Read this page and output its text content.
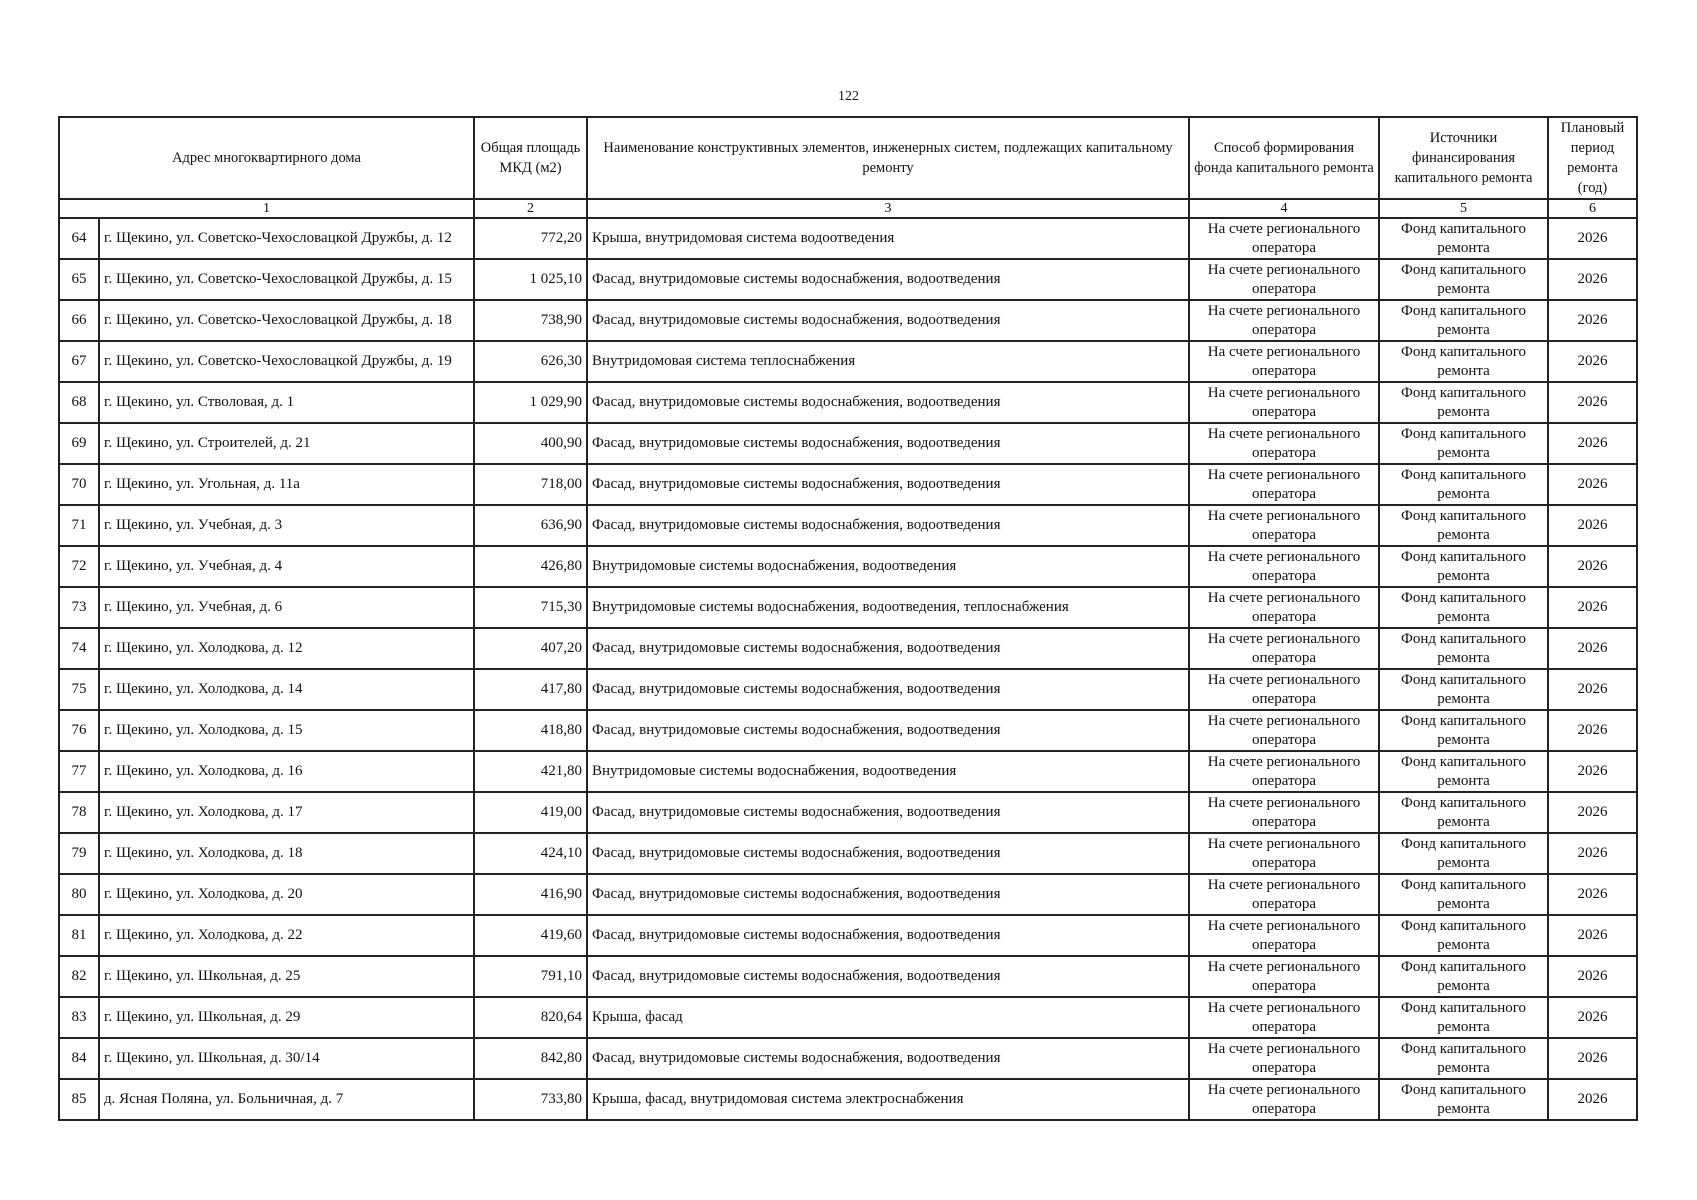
122
Адрес многоквартирного дома		Общая площадь МКД (м2)	Наименование конструктивных элементов, инженерных систем, подлежащих капитальному ремонту	Способ формирования фонда капитального ремонта	Источники финансирования капитального ремонта	Плановый период ремонта (год)
1		2	3	4	5	6
64	г. Щекино, ул. Советско-Чехословацкой Дружбы, д. 12	772,20	Крыша, внутридомовая система водоотведения	На счете регионального оператора	Фонд капитального ремонта	2026
65	г. Щекино, ул. Советско-Чехословацкой Дружбы, д. 15	1 025,10	Фасад, внутридомовые системы водоснабжения, водоотведения	На счете регионального оператора	Фонд капитального ремонта	2026
66	г. Щекино, ул. Советско-Чехословацкой Дружбы, д. 18	738,90	Фасад, внутридомовые системы водоснабжения, водоотведения	На счете регионального оператора	Фонд капитального ремонта	2026
67	г. Щекино, ул. Советско-Чехословацкой Дружбы, д. 19	626,30	Внутридомовая система теплоснабжения	На счете регионального оператора	Фонд капитального ремонта	2026
68	г. Щекино, ул. Стволовая, д. 1	1 029,90	Фасад, внутридомовые системы водоснабжения, водоотведения	На счете регионального оператора	Фонд капитального ремонта	2026
69	г. Щекино, ул. Строителей, д. 21	400,90	Фасад, внутридомовые системы водоснабжения, водоотведения	На счете регионального оператора	Фонд капитального ремонта	2026
70	г. Щекино, ул. Угольная, д. 11а	718,00	Фасад, внутридомовые системы водоснабжения, водоотведения	На счете регионального оператора	Фонд капитального ремонта	2026
71	г. Щекино, ул. Учебная, д. 3	636,90	Фасад, внутридомовые системы водоснабжения, водоотведения	На счете регионального оператора	Фонд капитального ремонта	2026
72	г. Щекино, ул. Учебная, д. 4	426,80	Внутридомовые системы водоснабжения, водоотведения	На счете регионального оператора	Фонд капитального ремонта	2026
73	г. Щекино, ул. Учебная, д. 6	715,30	Внутридомовые системы водоснабжения, водоотведения, теплоснабжения	На счете регионального оператора	Фонд капитального ремонта	2026
74	г. Щекино, ул. Холодкова, д. 12	407,20	Фасад, внутридомовые системы водоснабжения, водоотведения	На счете регионального оператора	Фонд капитального ремонта	2026
75	г. Щекино, ул. Холодкова, д. 14	417,80	Фасад, внутридомовые системы водоснабжения, водоотведения	На счете регионального оператора	Фонд капитального ремонта	2026
76	г. Щекино, ул. Холодкова, д. 15	418,80	Фасад, внутридомовые системы водоснабжения, водоотведения	На счете регионального оператора	Фонд капитального ремонта	2026
77	г. Щекино, ул. Холодкова, д. 16	421,80	Внутридомовые системы водоснабжения, водоотведения	На счете регионального оператора	Фонд капитального ремонта	2026
78	г. Щекино, ул. Холодкова, д. 17	419,00	Фасад, внутридомовые системы водоснабжения, водоотведения	На счете регионального оператора	Фонд капитального ремонта	2026
79	г. Щекино, ул. Холодкова, д. 18	424,10	Фасад, внутридомовые системы водоснабжения, водоотведения	На счете регионального оператора	Фонд капитального ремонта	2026
80	г. Щекино, ул. Холодкова, д. 20	416,90	Фасад, внутридомовые системы водоснабжения, водоотведения	На счете регионального оператора	Фонд капитального ремонта	2026
81	г. Щекино, ул. Холодкова, д. 22	419,60	Фасад, внутридомовые системы водоснабжения, водоотведения	На счете регионального оператора	Фонд капитального ремонта	2026
82	г. Щекино, ул. Школьная, д. 25	791,10	Фасад, внутридомовые системы водоснабжения, водоотведения	На счете регионального оператора	Фонд капитального ремонта	2026
83	г. Щекино, ул. Школьная, д. 29	820,64	Крыша, фасад	На счете регионального оператора	Фонд капитального ремонта	2026
84	г. Щекино, ул. Школьная, д. 30/14	842,80	Фасад, внутридомовые системы водоснабжения, водоотведения	На счете регионального оператора	Фонд капитального ремонта	2026
85	д. Ясная Поляна, ул. Больничная, д. 7	733,80	Крыша, фасад, внутридомовая система электроснабжения	На счете регионального оператора	Фонд капитального ремонта	2026
